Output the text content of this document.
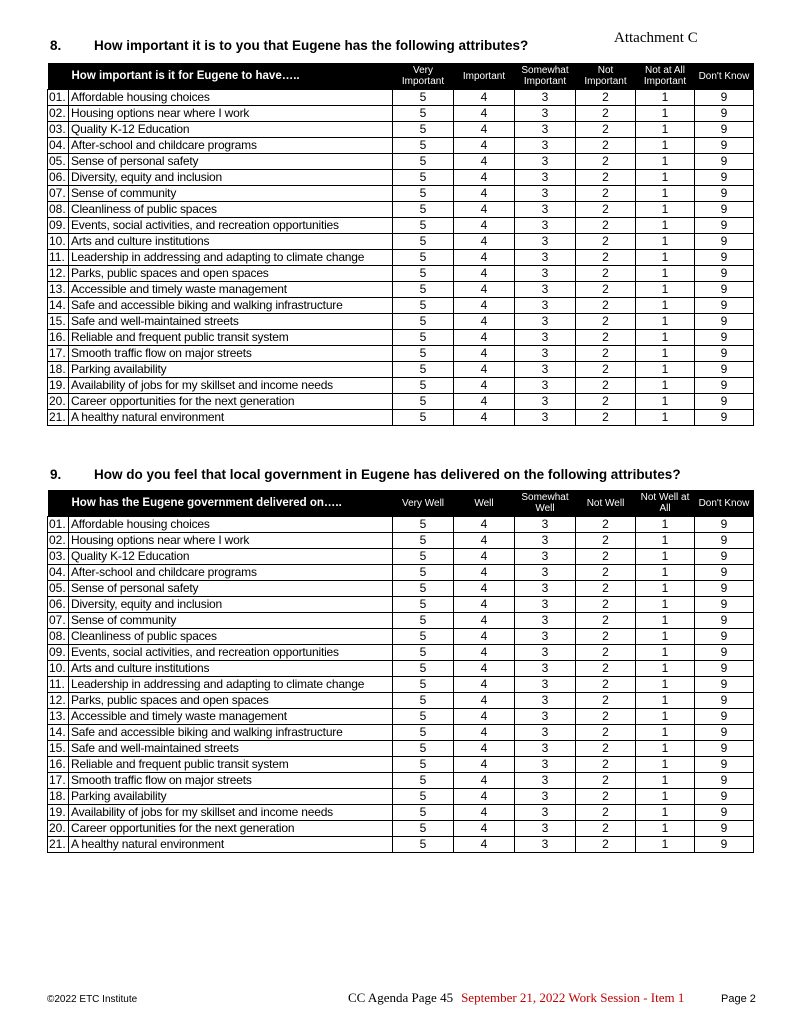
Attachment C
8. How important it is to you that Eugene has the following attributes?
How important is it for Eugene to have…..	Very Important	Important	Somewhat Important	Not Important	Not at All Important	Don't Know

01. Affordable housing choices	5	4	3	2	1	9

02. Housing options near where I work	5	4	3	2	1	9

03. Quality K-12 Education	5	4	3	2	1	9

04. After-school and childcare programs	5	4	3	2	1	9

05. Sense of personal safety	5	4	3	2	1	9

06. Diversity, equity and inclusion	5	4	3	2	1	9

07. Sense of community	5	4	3	2	1	9

08. Cleanliness of public spaces	5	4	3	2	1	9

09. Events, social activities, and recreation opportunities	5	4	3	2	1	9

10. Arts and culture institutions	5	4	3	2	1	9

11. Leadership in addressing and adapting to climate change	5	4	3	2	1	9

12. Parks, public spaces and open spaces	5	4	3	2	1	9

13. Accessible and timely waste management	5	4	3	2	1	9

14. Safe and accessible biking and walking infrastructure	5	4	3	2	1	9

15. Safe and well-maintained streets	5	4	3	2	1	9

16. Reliable and frequent public transit system	5	4	3	2	1	9

17. Smooth traffic flow on major streets	5	4	3	2	1	9

18. Parking availability	5	4	3	2	1	9

19. Availability of jobs for my skillset and income needs	5	4	3	2	1	9

20. Career opportunities for the next generation	5	4	3	2	1	9

21. A healthy natural environment	5	4	3	2	1	9
9. How do you feel that local government in Eugene has delivered on the following attributes?
How has the Eugene government delivered on…..	Very Well	Well	Somewhat Well	Not Well	Not Well at All	Don't Know

01. Affordable housing choices	5	4	3	2	1	9

02. Housing options near where I work	5	4	3	2	1	9

03. Quality K-12 Education	5	4	3	2	1	9

04. After-school and childcare programs	5	4	3	2	1	9

05. Sense of personal safety	5	4	3	2	1	9

06. Diversity, equity and inclusion	5	4	3	2	1	9

07. Sense of community	5	4	3	2	1	9

08. Cleanliness of public spaces	5	4	3	2	1	9

09. Events, social activities, and recreation opportunities	5	4	3	2	1	9

10. Arts and culture institutions	5	4	3	2	1	9

11. Leadership in addressing and adapting to climate change	5	4	3	2	1	9

12. Parks, public spaces and open spaces	5	4	3	2	1	9

13. Accessible and timely waste management	5	4	3	2	1	9

14. Safe and accessible biking and walking infrastructure	5	4	3	2	1	9

15. Safe and well-maintained streets	5	4	3	2	1	9

16. Reliable and frequent public transit system	5	4	3	2	1	9

17. Smooth traffic flow on major streets	5	4	3	2	1	9

18. Parking availability	5	4	3	2	1	9

19. Availability of jobs for my skillset and income needs	5	4	3	2	1	9

20. Career opportunities for the next generation	5	4	3	2	1	9

21. A healthy natural environment	5	4	3	2	1	9
©2022 ETC Institute	CC Agenda Page 45 September 21, 2022 Work Session - Item 1	Page 2
